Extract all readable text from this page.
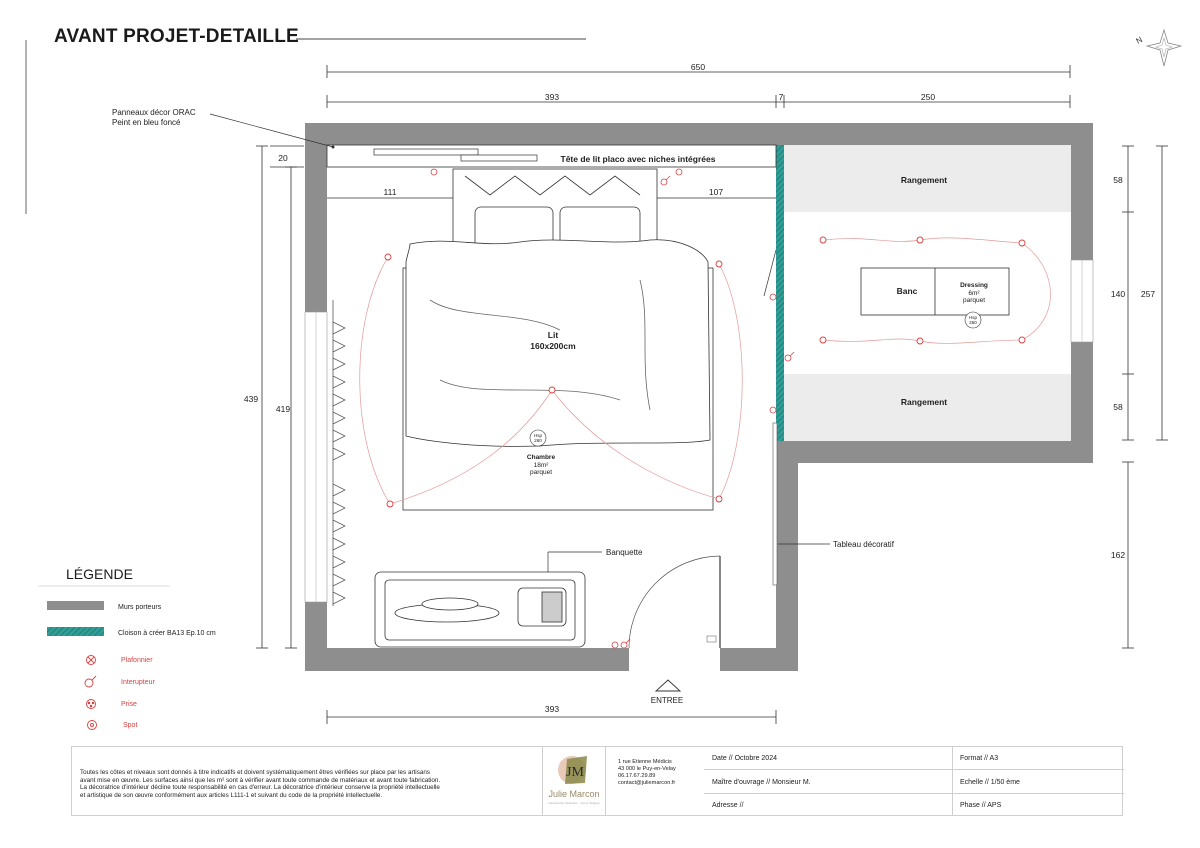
AVANT PROJET-DETAILLE	N
650
393	7	250
439
419
20
58
140
58
257
162
393
Tête de lit placo avec niches intégrées
Panneaux décor ORAC
Peint en bleu foncé
111	107
Lit
160x200cm
Hsp
260
Chambre
18m²
parquet
Rangement
Rangement
Banc
Dressing
6m²
parquet
Hsp
260
Banquette
ENTREE
Tableau décoratif
LÉGENDE
Murs porteurs
Cloison à créer BA13 Ep.10 cm
Plafonnier
Interupteur
Prise
Spot

Toutes les côtes et niveaux sont donnés à titre indicatifs et doivent systématiquement êtres vérifiées sur place par les artisans

avant mise en œuvre. Les surfaces ainsi que les m² sont à vérifier avant toute commande de matériaux et avant toute fabrication.

La décoratrice d'intérieur décline toute responsabilité en cas d'erreur. La décoratrice d'intérieur conserve la propriété intellectuelle

et artistique de son œuvre conformément aux articles L111-1 et suivant du code de la propriété intellectuelle.

JM
Julie Marcon
Décoratrice d'intérieur · Home Staging
1 rue Etienne Médicis
43 000 le Puy-en-Velay
06.17.67.29.89
contact@juliemarcon.fr
Date // Octobre 2024	Format // A3
Maître d'ouvrage // Monsieur M.	Echelle // 1/50 ème
Adresse //	Phase // APS
